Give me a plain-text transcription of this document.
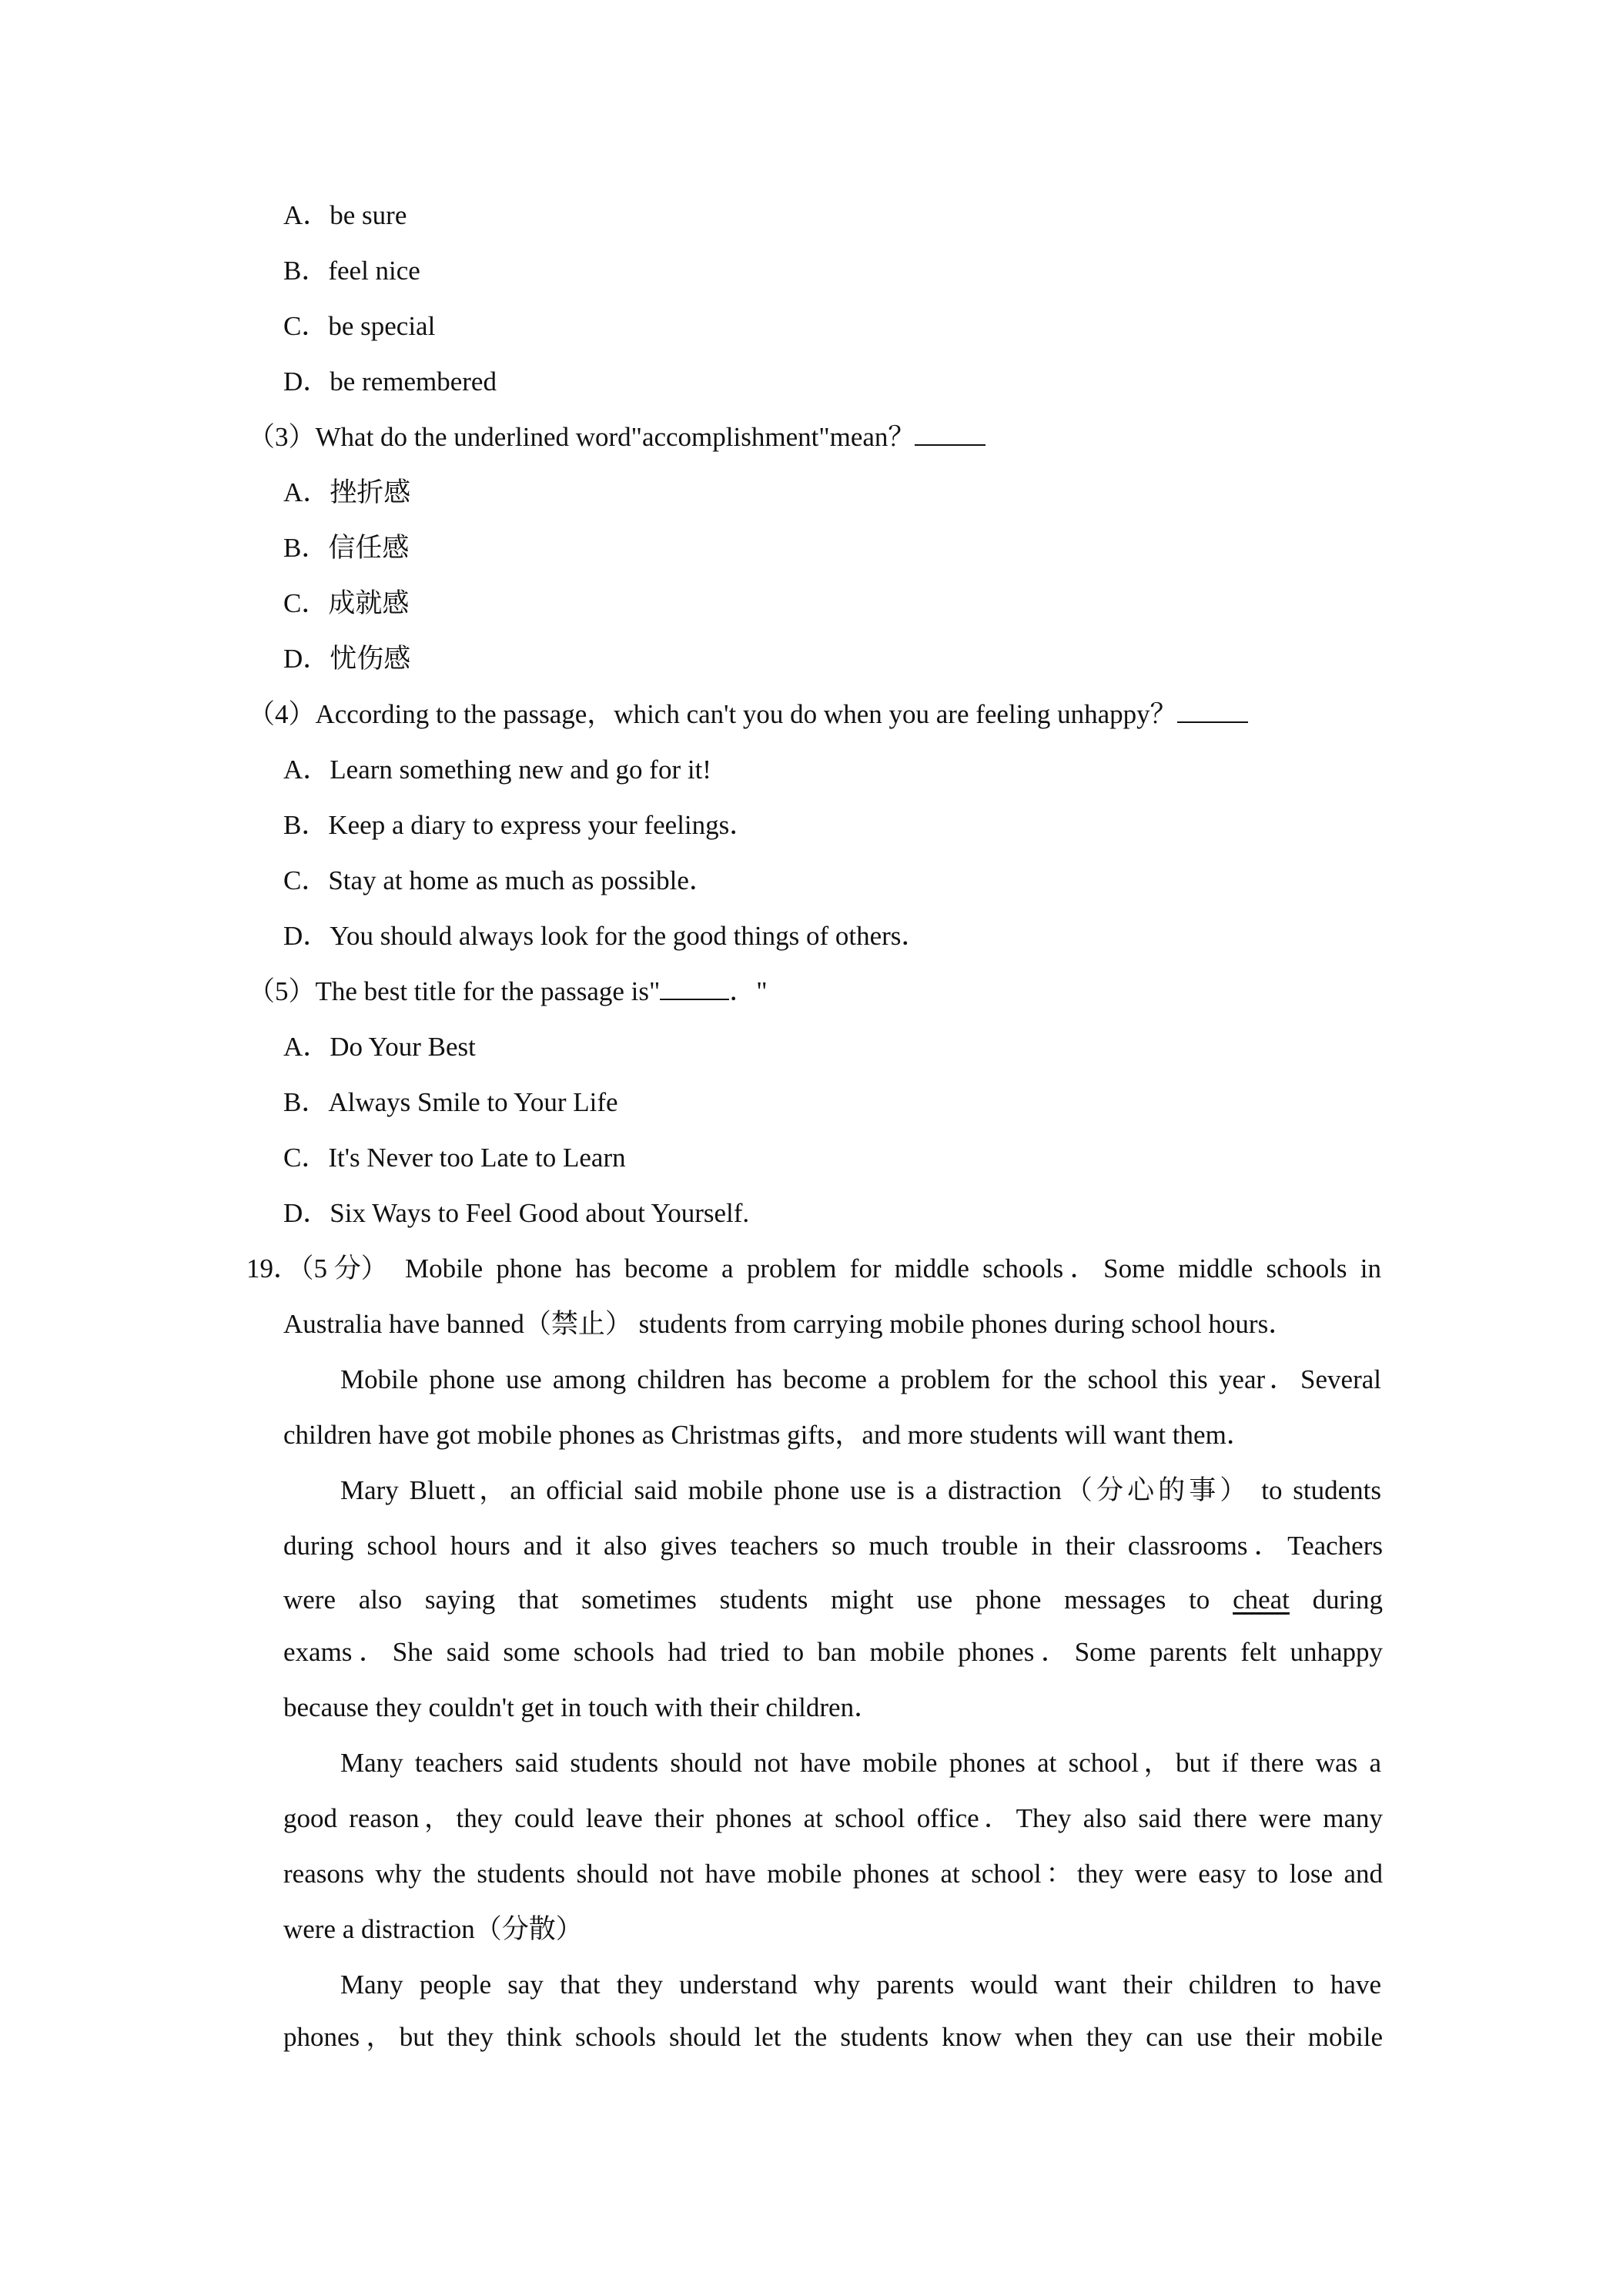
A．be sure
B．feel nice
C．be special
D．be remembered
（3）What do the underlined word"accomplishment"mean？
A．挫折感
B．信任感
C．成就感
D．忧伤感
（4）According to the passage，which can't you do when you are feeling unhappy？
A．Learn something new and go for it!
B．Keep a diary to express your feelings．
C．Stay at home as much as possible．
D．You should always look for the good things of others．
（5）The best title for the passage is"	．"
A．Do Your Best
B．Always Smile to Your Life
C．It's Never too Late to Learn
D．Six Ways to Feel Good about Yourself.
19．（5 分） Mobile phone has become a problem for middle schools．Some middle schools in
Australia have banned（禁止） students from carrying mobile phones during school hours．
Mobile phone use among children has become a problem for the school this year．Several
children have got mobile phones as Christmas gifts，and more students will want them．
Mary Bluett，an official said mobile phone use is a distraction（分心的事） to students
during school hours and it also gives teachers so much trouble in their classrooms．Teachers
were also saying that sometimes students might use phone messages to cheat during
exams．She said some schools had tried to ban mobile phones．Some parents felt unhappy
because they couldn't get in touch with their children．
Many teachers said students should not have mobile phones at school，but if there was a
good reason，they could leave their phones at school office．They also said there were many
reasons why the students should not have mobile phones at school：they were easy to lose and
were a distraction（分散）
Many people say that they understand why parents would want their children to have
phones，but they think schools should let the students know when they can use their mobile
